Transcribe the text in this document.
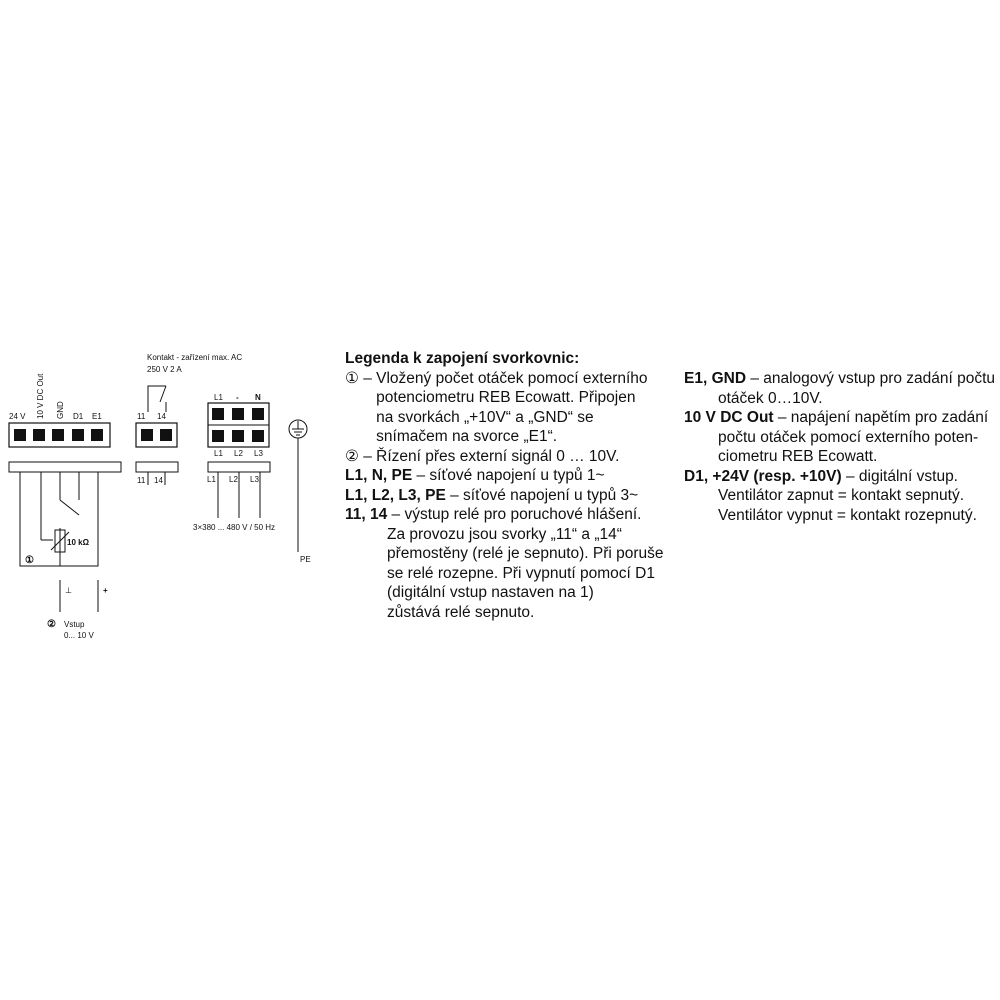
24 V 10 V DC Out GND D1 E1
10 kΩ
①
⊥	+
② Vstup
0... 10 V
Kontakt - zařízení max. AC
250 V 2 A
11 14
11 14
L1 - N
L1 L2 L3
L1 L2 L3
3×380 ... 480 V / 50 Hz
PE
Legenda k zapojení svorkovnic:
① – Vložený počet otáček pomocí externího
potenciometru REB Ecowatt. Připojen
na svorkách „+10V“ a „GND“ se
snímačem na svorce „E1“.
② – Řízení přes externí signál 0 … 10V.
L1, N, PE – síťové napojení u typů 1~
L1, L2, L3, PE – síťové napojení u typů 3~
11, 14 – výstup relé pro poruchové hlášení.
Za provozu jsou svorky „11“ a „14“
přemostěny (relé je sepnuto). Při poruše
se relé rozepne. Při vypnutí pomocí D1
(digitální vstup nastaven na 1)
zůstává relé sepnuto.
E1, GND – analogový vstup pro zadání počtu
otáček 0…10V.
10 V DC Out – napájení napětím pro zadání
počtu otáček pomocí externího poten-
ciometru REB Ecowatt.
D1, +24V (resp. +10V) – digitální vstup.
Ventilátor zapnut = kontakt sepnutý.
Ventilátor vypnut = kontakt rozepnutý.
